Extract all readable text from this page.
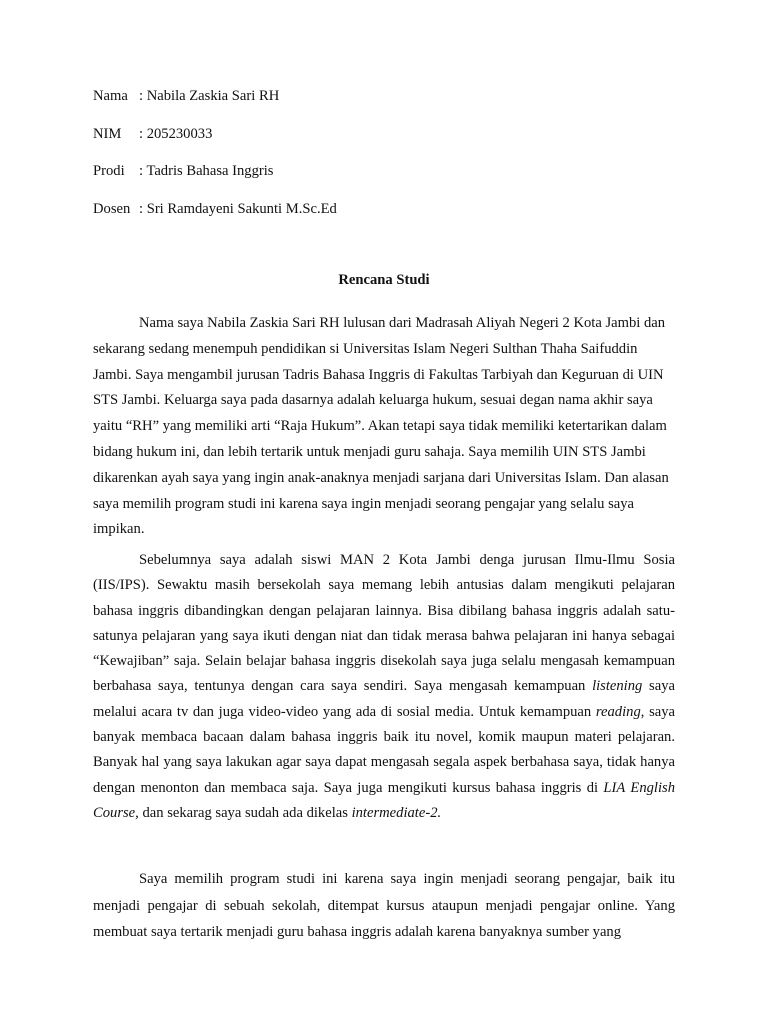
Nama : Nabila Zaskia Sari RH
NIM	: 205230033
Prodi : Tadris Bahasa Inggris
Dosen : Sri Ramdayeni Sakunti M.Sc.Ed
Rencana Studi

Nama saya Nabila Zaskia Sari RH lulusan dari Madrasah Aliyah Negeri 2 Kota Jambi dan sekarang sedang menempuh pendidikan si Universitas Islam Negeri Sulthan Thaha Saifuddin Jambi. Saya mengambil jurusan Tadris Bahasa Inggris di Fakultas Tarbiyah dan Keguruan di UIN STS Jambi. Keluarga saya pada dasarnya adalah keluarga hukum, sesuai degan nama akhir saya yaitu “RH” yang memiliki arti “Raja Hukum”. Akan tetapi saya tidak memiliki ketertarikan dalam bidang hukum ini, dan lebih tertarik untuk menjadi guru sahaja. Saya memilih UIN STS Jambi dikarenkan ayah saya yang ingin anak-anaknya menjadi sarjana dari Universitas Islam. Dan alasan saya memilih program studi ini karena saya ingin menjadi seorang pengajar yang selalu saya impikan.

Sebelumnya saya adalah siswi MAN 2 Kota Jambi denga jurusan Ilmu-Ilmu Sosia (IIS/IPS). Sewaktu masih bersekolah saya memang lebih antusias dalam mengikuti pelajaran bahasa inggris dibandingkan dengan pelajaran lainnya. Bisa dibilang bahasa inggris adalah satu-satunya pelajaran yang saya ikuti dengan niat dan tidak merasa bahwa pelajaran ini hanya sebagai “Kewajiban” saja. Selain belajar bahasa inggris disekolah saya juga selalu mengasah kemampuan berbahasa saya, tentunya dengan cara saya sendiri. Saya mengasah kemampuan listening saya melalui acara tv dan juga video-video yang ada di sosial media. Untuk kemampuan reading, saya banyak membaca bacaan dalam bahasa inggris baik itu novel, komik maupun materi pelajaran. Banyak hal yang saya lakukan agar saya dapat mengasah segala aspek berbahasa saya, tidak hanya dengan menonton dan membaca saja. Saya juga mengikuti kursus bahasa inggris di LIA English Course, dan sekarag saya sudah ada dikelas intermediate-2.

Saya memilih program studi ini karena saya ingin menjadi seorang pengajar, baik itu menjadi pengajar di sebuah sekolah, ditempat kursus ataupun menjadi pengajar online. Yang membuat saya tertarik menjadi guru bahasa inggris adalah karena banyaknya sumber yang
